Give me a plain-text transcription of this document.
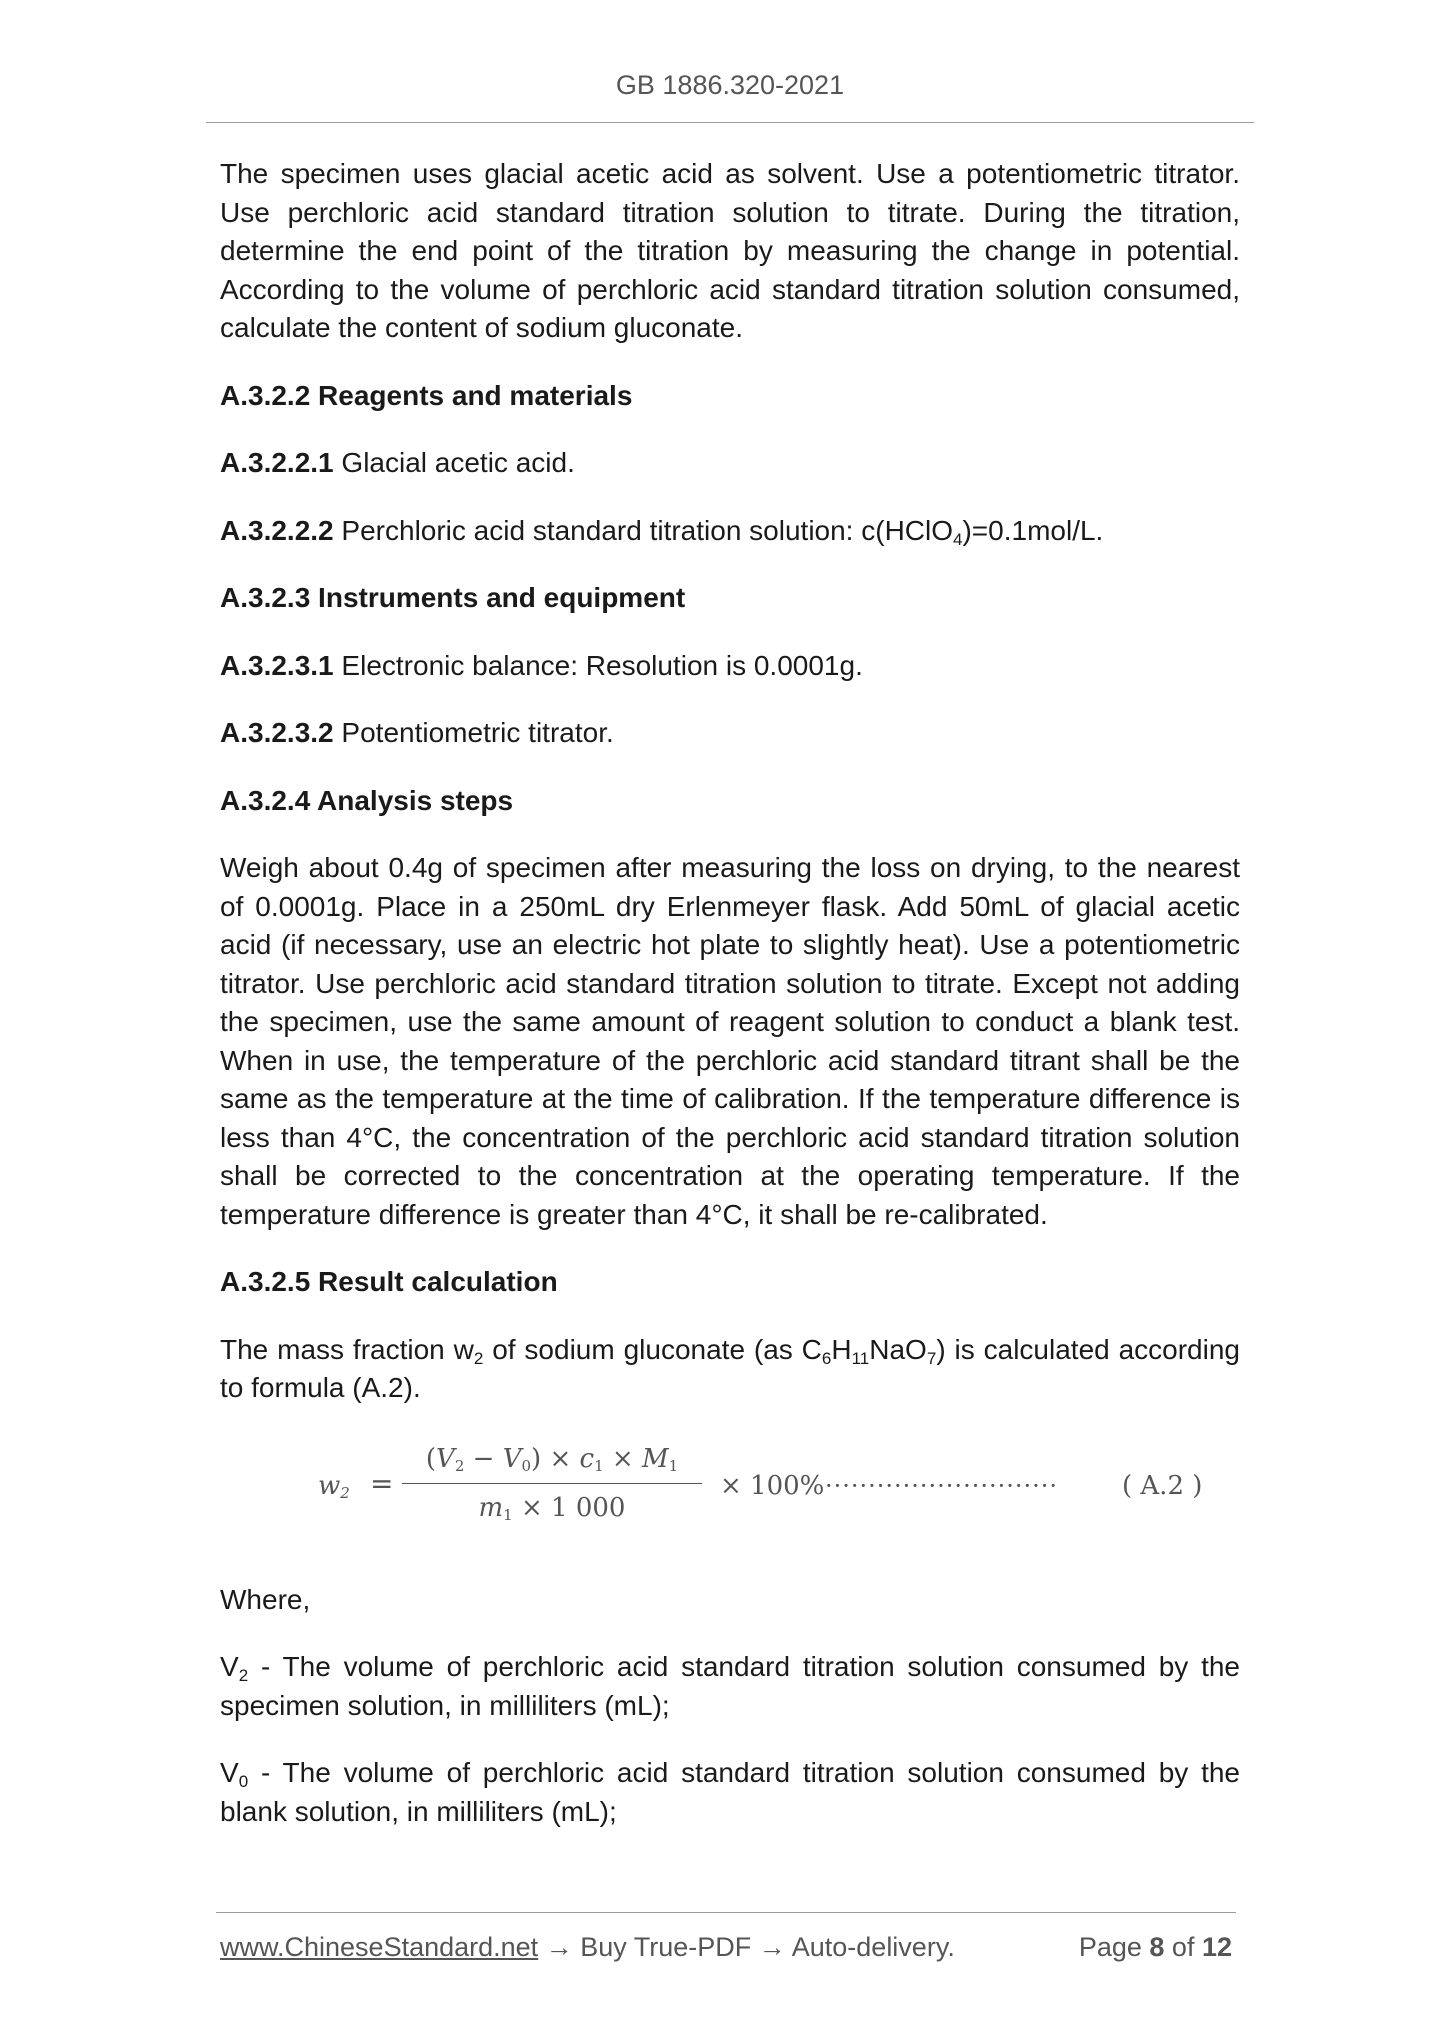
GB 1886.320-2021

The specimen uses glacial acetic acid as solvent. Use a potentiometric titrator. Use perchloric acid standard titration solution to titrate. During the titration, determine the end point of the titration by measuring the change in potential. According to the volume of perchloric acid standard titration solution consumed, calculate the content of sodium gluconate.

A.3.2.2 Reagents and materials

A.3.2.2.1 Glacial acetic acid.

A.3.2.2.2 Perchloric acid standard titration solution: c(HClO$_4$)=0.1mol/L.

A.3.2.3 Instruments and equipment

A.3.2.3.1 Electronic balance: Resolution is 0.0001g.

A.3.2.3.2 Potentiometric titrator.

A.3.2.4 Analysis steps

Weigh about 0.4g of specimen after measuring the loss on drying, to the nearest of 0.0001g. Place in a 250mL dry Erlenmeyer flask. Add 50mL of glacial acetic acid (if necessary, use an electric hot plate to slightly heat). Use a potentiometric titrator. Use perchloric acid standard titration solution to titrate. Except not adding the specimen, use the same amount of reagent solution to conduct a blank test. When in use, the temperature of the perchloric acid standard titrant shall be the same as the temperature at the time of calibration. If the temperature difference is less than 4°C, the concentration of the perchloric acid standard titration solution shall be corrected to the concentration at the operating temperature. If the temperature difference is greater than 4°C, it shall be re-calibrated.

A.3.2.5 Result calculation

The mass fraction $w_2$ of sodium gluconate (as $C_6H_{11}NaO_7$) is calculated according to formula (A.2).

$w_2$ =
$(V_2 - V_0) \times c_1 \times M_1$
$m_1 \times 1$ 000
× 100% ··························· ( A.2 )

Where,

$V_2$ - The volume of perchloric acid standard titration solution consumed by the specimen solution, in milliliters (mL);

$V_0$ - The volume of perchloric acid standard titration solution consumed by the blank solution, in milliliters (mL);

www.ChineseStandard.net → Buy True-PDF → Auto-delivery.	Page 8 of 12
